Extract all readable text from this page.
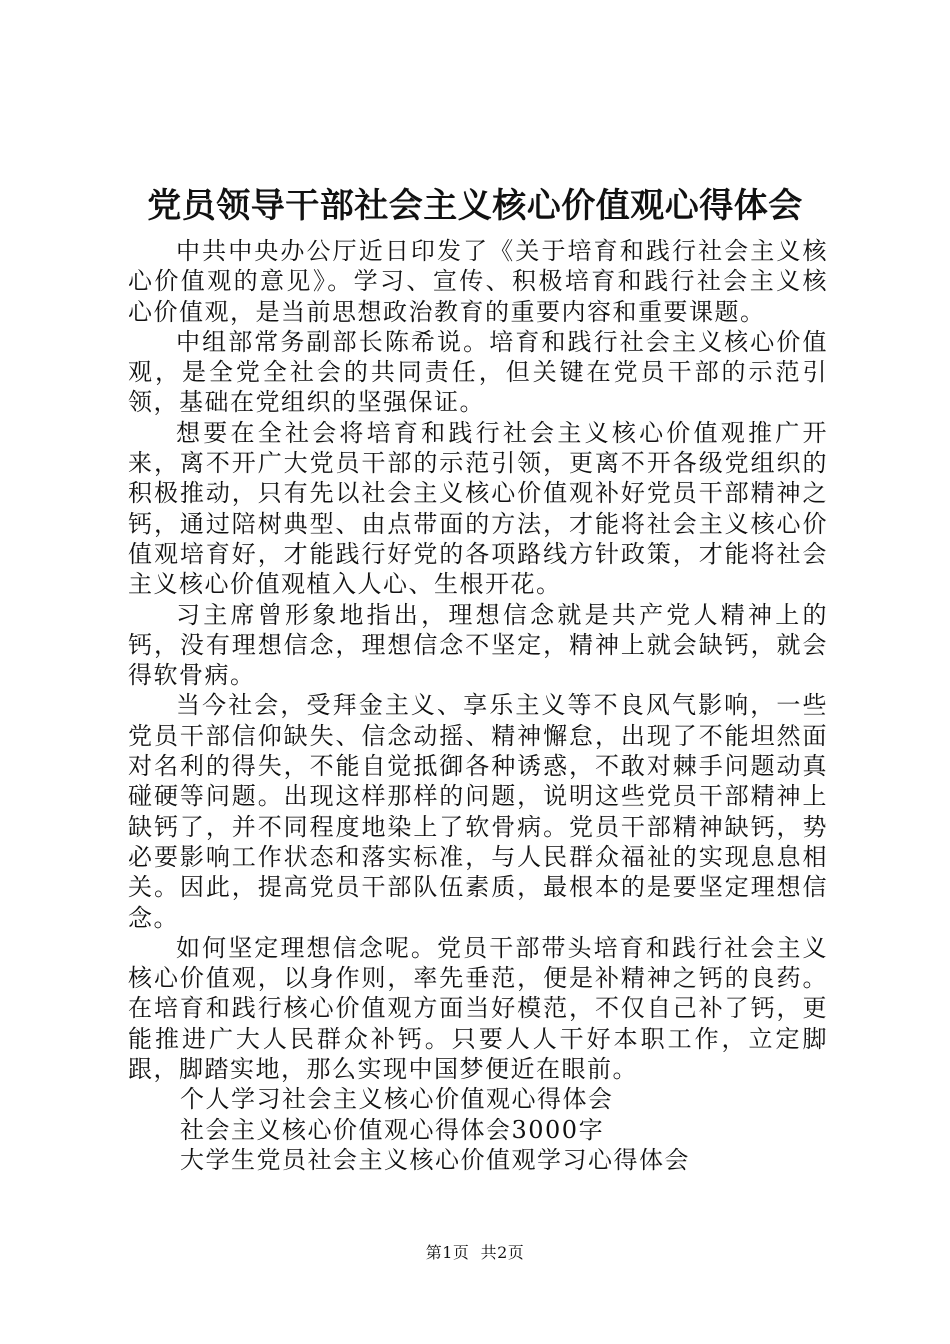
党员领导干部社会主义核心价值观心得体会

中共中央办公厅近日印发了《关于培育和践行社会主义核心价值观的意见》。学习、宣传、积极培育和践行社会主义核心价值观，是当前思想政治教育的重要内容和重要课题。

中组部常务副部长陈希说。培育和践行社会主义核心价值观，是全党全社会的共同责任，但关键在党员干部的示范引领，基础在党组织的坚强保证。

想要在全社会将培育和践行社会主义核心价值观推广开来，离不开广大党员干部的示范引领，更离不开各级党组织的积极推动，只有先以社会主义核心价值观补好党员干部精神之钙，通过陪树典型、由点带面的方法，才能将社会主义核心价值观培育好，才能践行好党的各项路线方针政策，才能将社会主义核心价值观植入人心、生根开花。

习主席曾形象地指出，理想信念就是共产党人精神上的钙，没有理想信念，理想信念不坚定，精神上就会缺钙，就会得软骨病。

当今社会，受拜金主义、享乐主义等不良风气影响，一些党员干部信仰缺失、信念动摇、精神懈怠，出现了不能坦然面对名利的得失，不能自觉抵御各种诱惑，不敢对棘手问题动真碰硬等问题。出现这样那样的问题，说明这些党员干部精神上缺钙了，并不同程度地染上了软骨病。党员干部精神缺钙，势必要影响工作状态和落实标准，与人民群众福祉的实现息息相关。因此，提高党员干部队伍素质，最根本的是要坚定理想信念。

如何坚定理想信念呢。党员干部带头培育和践行社会主义核心价值观，以身作则，率先垂范，便是补精神之钙的良药。在培育和践行核心价值观方面当好模范，不仅自己补了钙，更能推进广大人民群众补钙。只要人人干好本职工作，立定脚跟，脚踏实地，那么实现中国梦便近在眼前。

个人学习社会主义核心价值观心得体会
社会主义核心价值观心得体会3000字
大学生党员社会主义核心价值观学习心得体会
第1页 共2页
